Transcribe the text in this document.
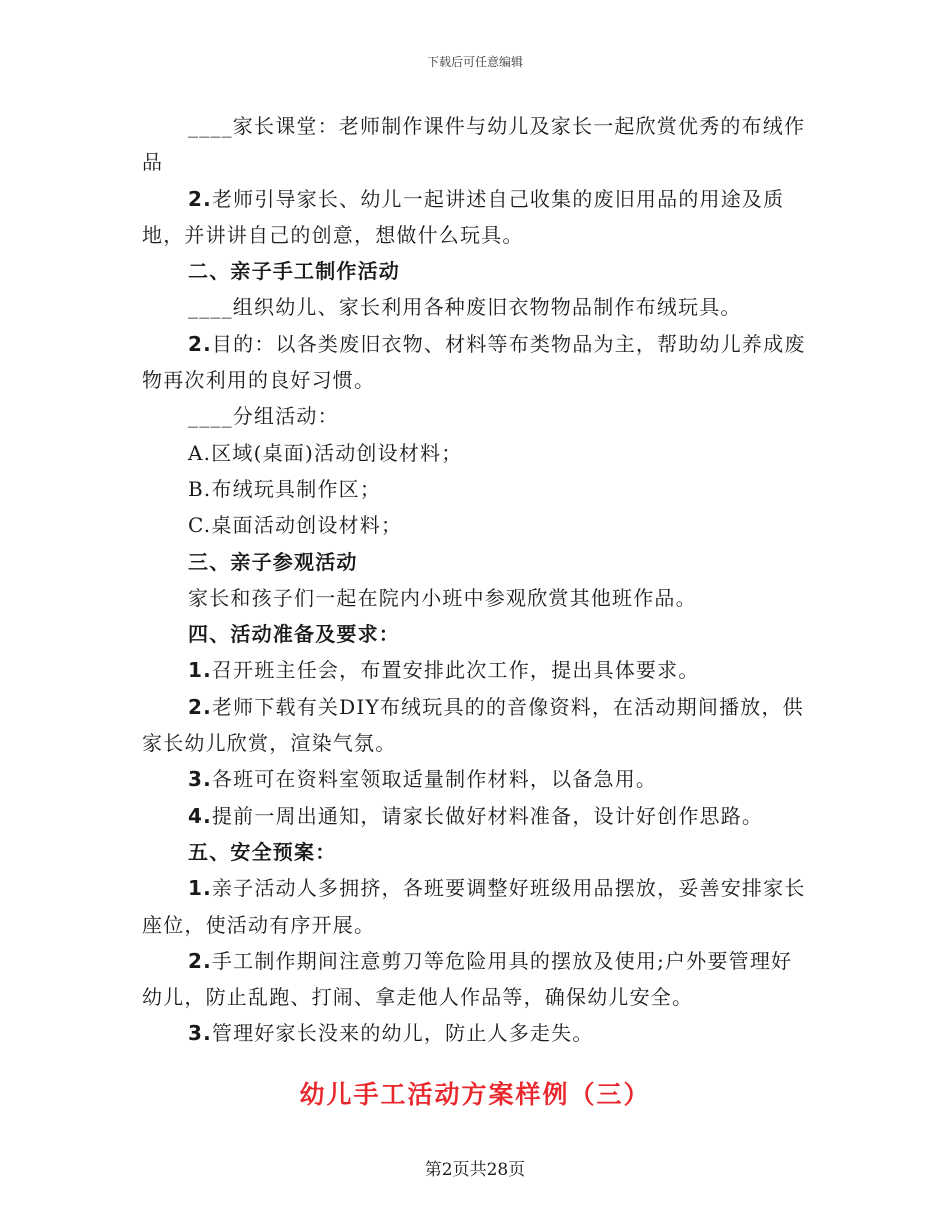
下载后可任意编辑

____家长课堂：老师制作课件与幼儿及家长一起欣赏优秀的布绒作品

2.老师引导家长、幼儿一起讲述自己收集的废旧用品的用途及质地，并讲讲自己的创意，想做什么玩具。

二、亲子手工制作活动

____组织幼儿、家长利用各种废旧衣物物品制作布绒玩具。

2.目的：以各类废旧衣物、材料等布类物品为主，帮助幼儿养成废物再次利用的良好习惯。

____分组活动：

A.区域(桌面)活动创设材料；

B.布绒玩具制作区；

C.桌面活动创设材料；

三、亲子参观活动

家长和孩子们一起在院内小班中参观欣赏其他班作品。

四、活动准备及要求：

1.召开班主任会，布置安排此次工作，提出具体要求。

2.老师下载有关DIY布绒玩具的的音像资料，在活动期间播放，供家长幼儿欣赏，渲染气氛。

3.各班可在资料室领取适量制作材料，以备急用。

4.提前一周出通知，请家长做好材料准备，设计好创作思路。

五、安全预案：

1.亲子活动人多拥挤，各班要调整好班级用品摆放，妥善安排家长座位，使活动有序开展。

2.手工制作期间注意剪刀等危险用具的摆放及使用;户外要管理好幼儿，防止乱跑、打闹、拿走他人作品等，确保幼儿安全。

3.管理好家长没来的幼儿，防止人多走失。

幼儿手工活动方案样例（三）
第2页共28页
